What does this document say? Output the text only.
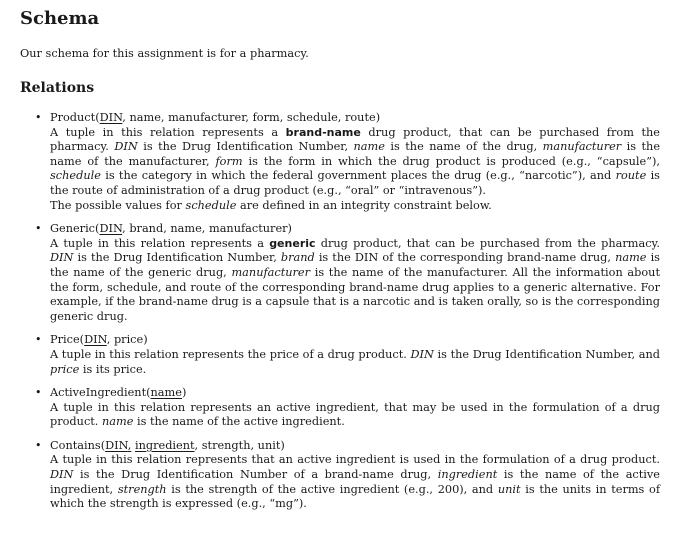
Schema

Our schema for this assignment is for a pharmacy.

Relations
• Product(DIN, name, manufacturer, form, schedule, route)
A tuple in this relation represents a brand-name drug product, that can be purchased from the pharmacy. DIN is the Drug Identification Number, name is the name of the drug, manufacturer is the name of the manufacturer, form is the form in which the drug product is produced (e.g., “capsule”), schedule is the category in which the federal government places the drug (e.g., “narcotic”), and route is the route of administration of a drug product (e.g., “oral” or “intravenous”).
The possible values for schedule are defined in an integrity constraint below.
• Generic(DIN, brand, name, manufacturer)
A tuple in this relation represents a generic drug product, that can be purchased from the pharmacy. DIN is the Drug Identification Number, brand is the DIN of the corresponding brand-name drug, name is the name of the generic drug, manufacturer is the name of the manufacturer. All the information about the form, schedule, and route of the corresponding brand-name drug applies to a generic alternative. For example, if the brand-name drug is a capsule that is a narcotic and is taken orally, so is the corresponding generic drug.
• Price(DIN, price)
A tuple in this relation represents the price of a drug product. DIN is the Drug Identification Number, and price is its price.
• ActiveIngredient(name)
A tuple in this relation represents an active ingredient, that may be used in the formulation of a drug product. name is the name of the active ingredient.
• Contains(DIN, ingredient, strength, unit)
A tuple in this relation represents that an active ingredient is used in the formulation of a drug product. DIN is the Drug Identification Number of a brand-name drug, ingredient is the name of the active ingredient, strength is the strength of the active ingredient (e.g., 200), and unit is the units in terms of which the strength is expressed (e.g., “mg”).
